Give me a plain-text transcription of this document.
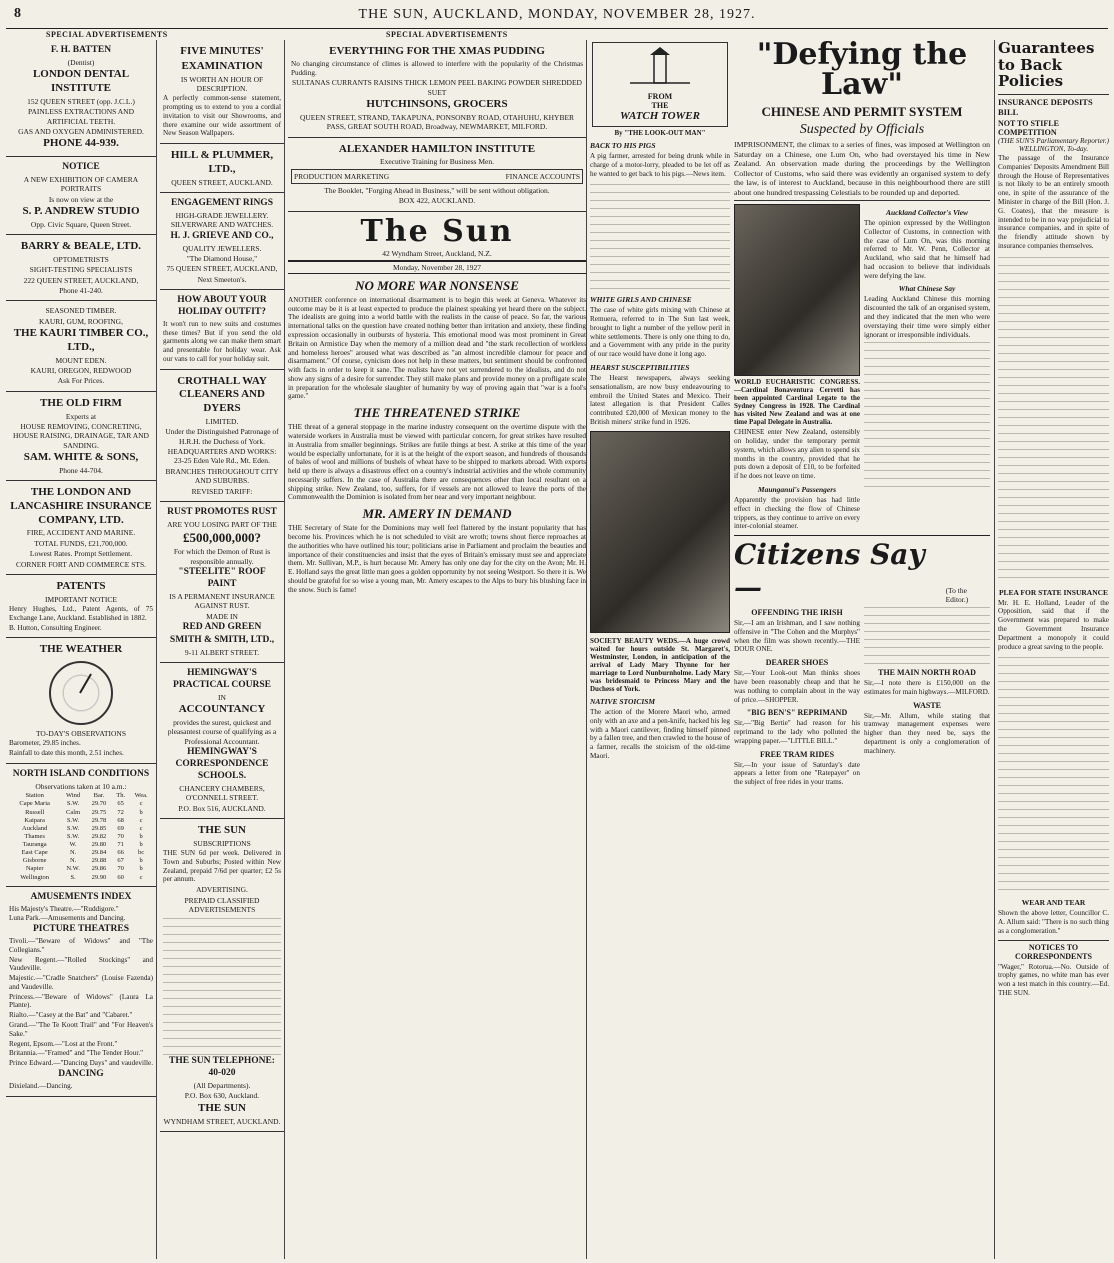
8	THE SUN, AUCKLAND, MONDAY, NOVEMBER 28, 1927.
SPECIAL ADVERTISEMENTS	SPECIAL ADVERTISEMENTS
F. H. BATTEN

(Dentist)

LONDON DENTAL INSTITUTE

152 QUEEN STREET (opp. J.C.L.)

PAINLESS EXTRACTIONS AND ARTIFICIAL TEETH.

GAS AND OXYGEN ADMINISTERED.

PHONE 44-939.
NOTICE

A NEW EXHIBITION OF CAMERA PORTRAITS

Is now on view at the

S. P. ANDREW STUDIO

Opp. Civic Square, Queen Street.

BARRY & BEALE, LTD.

OPTOMETRISTS

SIGHT-TESTING SPECIALISTS

222 QUEEN STREET, AUCKLAND,

Phone 41-240.

SEASONED TIMBER.

KAURI, GUM, ROOFING,

THE KAURI TIMBER CO., LTD.,

MOUNT EDEN.

KAURI, OREGON, REDWOOD

Ask For Prices.

THE OLD FIRM

Experts at

HOUSE REMOVING, CONCRETING, HOUSE RAISING, DRAINAGE, TAR AND SANDING.

SAM. WHITE & SONS,

Phone 44-704.

THE LONDON AND LANCASHIRE INSURANCE COMPANY, LTD.

FIRE, ACCIDENT AND MARINE.

TOTAL FUNDS, £21,700,000.

Lowest Rates. Prompt Settlement.

CORNER FORT AND COMMERCE STS.

PATENTS

IMPORTANT NOTICE

Henry Hughes, Ltd., Patent Agents, of 75 Exchange Lane, Auckland. Established in 1882.

B. Hutton, Consulting Engineer.

THE WEATHER

TO-DAY'S OBSERVATIONS

Barometer, 29.85 inches.

Rainfall to date this month, 2.51 inches.

NORTH ISLAND CONDITIONS

Observations taken at 10 a.m.:

Station	Wind	Bar.	Th.	Wea.
Cape Maria	S.W.	29.70	65	c
Russell	Calm	29.75	72	b
Kaipara	S.W.	29.78	68	c
Auckland	S.W.	29.85	69	c
Thames	S.W.	29.82	70	b
Tauranga	W.	29.80	71	b
East Cape	N.	29.84	66	bc
Gisborne	N.	29.88	67	b
Napier	N.W.	29.86	70	b
Wellington	S.	29.90	60	c
AMUSEMENTS INDEX

His Majesty's Theatre.—"Ruddigore."

Luna Park.—Amusements and Dancing.

PICTURE THEATRES

Tivoli.—"Beware of Widows" and "The Collegians."

New Regent.—"Rolled Stockings" and Vaudeville.

Majestic.—"Cradle Snatchers" (Louise Fazenda) and Vaudeville.

Princess.—"Beware of Widows" (Laura La Plante).

Rialto.—"Casey at the Bat" and "Cabaret."

Grand.—"The Te Koott Trail" and "For Heaven's Sake."

Regent, Epsom.—"Lost at the Front."

Britannia.—"Framed" and "The Tender Hour."

Prince Edward.—"Dancing Days" and vaudeville.

DANCING

Dixieland.—Dancing.

FIVE MINUTES'
EXAMINATION

IS WORTH AN HOUR OF DESCRIPTION.

A perfectly common-sense statement, prompting us to extend to you a cordial invitation to visit our Showrooms, and there examine our wide assortment of New Season Wallpapers.

HILL & PLUMMER, LTD.,

QUEEN STREET, AUCKLAND.

ENGAGEMENT RINGS

HIGH-GRADE JEWELLERY. SILVERWARE AND WATCHES.

H. J. GRIEVE AND CO.,

QUALITY JEWELLERS.

"The Diamond House,"

75 QUEEN STREET, AUCKLAND,

Next Smeeton's.

HOW ABOUT YOUR HOLIDAY OUTFIT?

It won't run to new suits and costumes these times? But if you send the old garments along we can make them smart and presentable for holiday wear. Ask our vans to call for your holiday suit.

CROTHALL WAY CLEANERS AND DYERS

LIMITED.

Under the Distinguished Patronage of H.R.H. the Duchess of York.

HEADQUARTERS AND WORKS: 23-25 Eden Vale Rd., Mt. Eden.

BRANCHES THROUGHOUT CITY AND SUBURBS.

REVISED TARIFF:

RUST PROMOTES RUST

ARE YOU LOSING PART OF THE

£500,000,000?

For which the Demon of Rust is responsible annually.

"STEELITE" ROOF PAINT

IS A PERMANENT INSURANCE AGAINST RUST.

MADE IN

RED AND GREEN
SMITH & SMITH, LTD.,

9-11 ALBERT STREET.

HEMINGWAY'S PRACTICAL COURSE

IN

ACCOUNTANCY

provides the surest, quickest and pleasantest course of qualifying as a Professional Accountant.

HEMINGWAY'S CORRESPONDENCE SCHOOLS.

CHANCERY CHAMBERS, O'CONNELL STREET.

P.O. Box 516, AUCKLAND.

THE SUN

SUBSCRIPTIONS

THE SUN 6d per week. Delivered in Town and Suburbs; Posted within New Zealand, prepaid 7/6d per quarter; £2 5s per annum.

ADVERTISING.

PREPAID CLASSIFIED ADVERTISEMENTS

THE SUN TELEPHONE: 40-020

(All Departments).

P.O. Box 630, Auckland.

THE SUN

WYNDHAM STREET, AUCKLAND.

EVERYTHING FOR THE XMAS PUDDING

No changing circumstance of climes is allowed to interfere with the popularity of the Christmas Pudding.

SULTANAS CURRANTS RAISINS THICK LEMON PEEL BAKING POWDER SHREDDED SUET

HUTCHINSONS, GROCERS

QUEEN STREET, STRAND, TAKAPUNA, PONSONBY ROAD, OTAHUHU, KHYBER PASS, GREAT SOUTH ROAD, Broadway, NEWMARKET, MILFORD.

ALEXANDER HAMILTON INSTITUTE

Executive Training for Business Men.

PRODUCTION MARKETING	FINANCE ACCOUNTS

The Booklet, "Forging Ahead in Business," will be sent without obligation.

BOX 422, AUCKLAND.

The Sun
42 Wyndham Street, Auckland, N.Z.
Monday, November 28, 1927
NO MORE WAR NONSENSE

ANOTHER conference on international disarmament is to begin this week at Geneva. Whatever its outcome may be it is at least expected to produce the plainest speaking yet heard there on the subject. The idealists are going into a world battle with the realists in the cause of peace. So far, the various international talks on the question have created nothing better than irritation and anxiety, these finding expression occasionally in outbursts of hysteria. This emotional mood was most prominent in Great Britain on Armistice Day when the memory of a million dead and "the stark recollection of workless and homeless heroes" aroused what was described as "an almost incredible clamour for peace and disarmament." Of course, cynicism does not help in these matters, but sentiment should be confronted with facts in order to keep it sane. The realists have not yet surrendered to the idealists, and do not show any signs of a desire for surrender. They still make plans and provide money on a profligate scale in preparation for the wholesale slaughter of humanity by way of proving again that "war is a fool's game."

THE THREATENED STRIKE

THE threat of a general stoppage in the marine industry consequent on the overtime dispute with the waterside workers in Australia must be viewed with particular concern, for great strikes have resulted in Australia from smaller beginnings. Strikes are futile things at best. A strike at this time of the year would be especially unfortunate, for it is at the height of the export season, and hundreds of thousands of bales of wool and millions of bushels of wheat have to be shipped to markets abroad. With exports held up there is always a disastrous effect on a country's industrial activities and the whole community necessarily suffers. In the case of Australia there are consequences other than local resultant on a shipping strike. New Zealand, too, suffers, for if vessels are not allowed to leave the ports of the Commonwealth the Dominion is isolated from her near and very important neighbour.

MR. AMERY IN DEMAND

THE Secretary of State for the Dominions may well feel flattered by the instant popularity that has become his. Provinces which he is not scheduled to visit are wroth; towns shout fierce reproaches at the authorities who have outlined his tour; politicians arise in Parliament and proclaim the beauties and importance of their constituencies and insist that the eyes of Britain's emissary must see and appreciate them. Mr. Sullivan, M.P., is hurt because Mr. Amery has only one day for the city on the Avon; Mr. H. E. Holland says the great little man goes a golden opportunity by not seeing Westport. So there it is. We should be grateful for so wise a young man, Mr. Amery escapes to the Alps to bury his blushing face in the snow. Such is fame!

FROM
THE
WATCH TOWER
By "THE LOOK-OUT MAN"
BACK TO HIS PIGS

A pig farmer, arrested for being drunk while in charge of a motor-lorry, pleaded to be let off as he wanted to get back to his pigs.—News item.

WHITE GIRLS AND CHINESE

The case of white girls mixing with Chinese at Remuera, referred to in The Sun last week, brought to light a number of the yellow peril in white settlements. There is only one thing to do, and a Government with any pride in the purity of our race would have done it long ago.

HEARST SUSCEPTIBILITIES

The Hearst newspapers, always seeking sensationalism, are now busy endeavouring to embroil the United States and Mexico. Their latest allegation is that President Calles contributed £20,000 of Mexican money to the British miners' strike fund in 1926.

SOCIETY BEAUTY WEDS.—A huge crowd waited for hours outside St. Margaret's, Westminster, London, in anticipation of the arrival of Lady Mary Thynne for her marriage to Lord Nunburnholme. Lady Mary was bridesmaid to Princess Mary and the Duchess of York.

NATIVE STOICISM

The action of the Morere Maori who, armed only with an axe and a pen-knife, hacked his leg with a Maori cantilever, finding himself pinned by a fallen tree, and then crawled to the house of a farmer, recalls the stoicism of the old-time Maori.

"Defying the Law"
CHINESE AND PERMIT SYSTEM
Suspected by Officials

IMPRISONMENT, the climax to a series of fines, was imposed at Wellington on Saturday on a Chinese, one Lum On, who had overstayed his time in New Zealand. An observation made during the proceedings by the Wellington Collector of Customs, who said there was evidently an organised system to defy the law, is of interest to Auckland, because in this neighbourhood there are still about one hundred trespassing Celestials to be rounded up and deported.

WORLD EUCHARISTIC CONGRESS.—Cardinal Bonaventura Cerretti has been appointed Cardinal Legate to the Sydney Congress in 1928. The Cardinal has visited New Zealand and was at one time Papal Delegate in Australia.

CHINESE enter New Zealand, ostensibly on holiday, under the temporary permit system, which allows any alien to spend six months in the country, provided that he puts down a deposit of £10, to be forfeited if he does not leave on time.

Maunganui's Passengers

Apparently the provision has had little effect in checking the flow of Chinese trippers, as they continue to arrive on every inter-colonial steamer.

Auckland Collector's View

The opinion expressed by the Wellington Collector of Customs, in connection with the case of Lum On, was this morning referred to Mr. W. Penn, Collector at Auckland, who said that he himself had had occasion to believe that individuals were defying the law.

What Chinese Say

Leading Auckland Chinese this morning discounted the talk of an organised system, and they indicated that the men who were overstaying their time were simply either ignorant or irresponsible individuals.

Citizens Say—	(To the Editor.)
OFFENDING THE IRISH

Sir,—I am an Irishman, and I saw nothing offensive in "The Cohen and the Murphys" when the film was shown recently.—THE DOUR ONE.

DEARER SHOES

Sir,—Your Look-out Man thinks shoes have been reasonably cheap and that he was nothing to complain about in the way of price.—SHOPPER.

"BIG BEN'S" REPRIMAND

Sir,—"Big Bertie" had reason for his reprimand to the lady who polluted the wrapping paper.—"LITTLE BILL."

FREE TRAM RIDES

Sir,—In your issue of Saturday's date appears a letter from one "Ratepayer" on the subject of free rides in your trams.

THE MAIN NORTH ROAD

Sir,—I note there is £150,000 on the estimates for main highways.—MILFORD.

WASTE

Sir,—Mr. Allum, while stating that tramway management expenses were higher than they need be, says the department is only a conglomeration of machinery.

Guarantees to Back Policies
INSURANCE DEPOSITS BILL
NOT TO STIFLE COMPETITION

(THE SUN'S Parliamentary Reporter.) WELLINGTON, To-day.

The passage of the Insurance Companies' Deposits Amendment Bill through the House of Representatives is not likely to be an entirely smooth one, in spite of the assurance of the Minister in charge of the Bill (Hon. J. G. Coates), that the measure is intended to be in no way prejudicial to insurance companies, and in spite of the friendly attitude shown by insurance companies themselves.

PLEA FOR STATE INSURANCE

Mr. H. E. Holland, Leader of the Opposition, said that if the Government was prepared to make the Government Insurance Department a monopoly it could produce a great saving to the people.

WEAR AND TEAR

Shown the above letter, Councillor C. A. Allum said: "There is no such thing as a conglomeration."

NOTICES TO CORRESPONDENTS

"Wager," Rotorua.—No. Outside of trophy games, no white man has ever won a test match in this country.—Ed. THE SUN.
